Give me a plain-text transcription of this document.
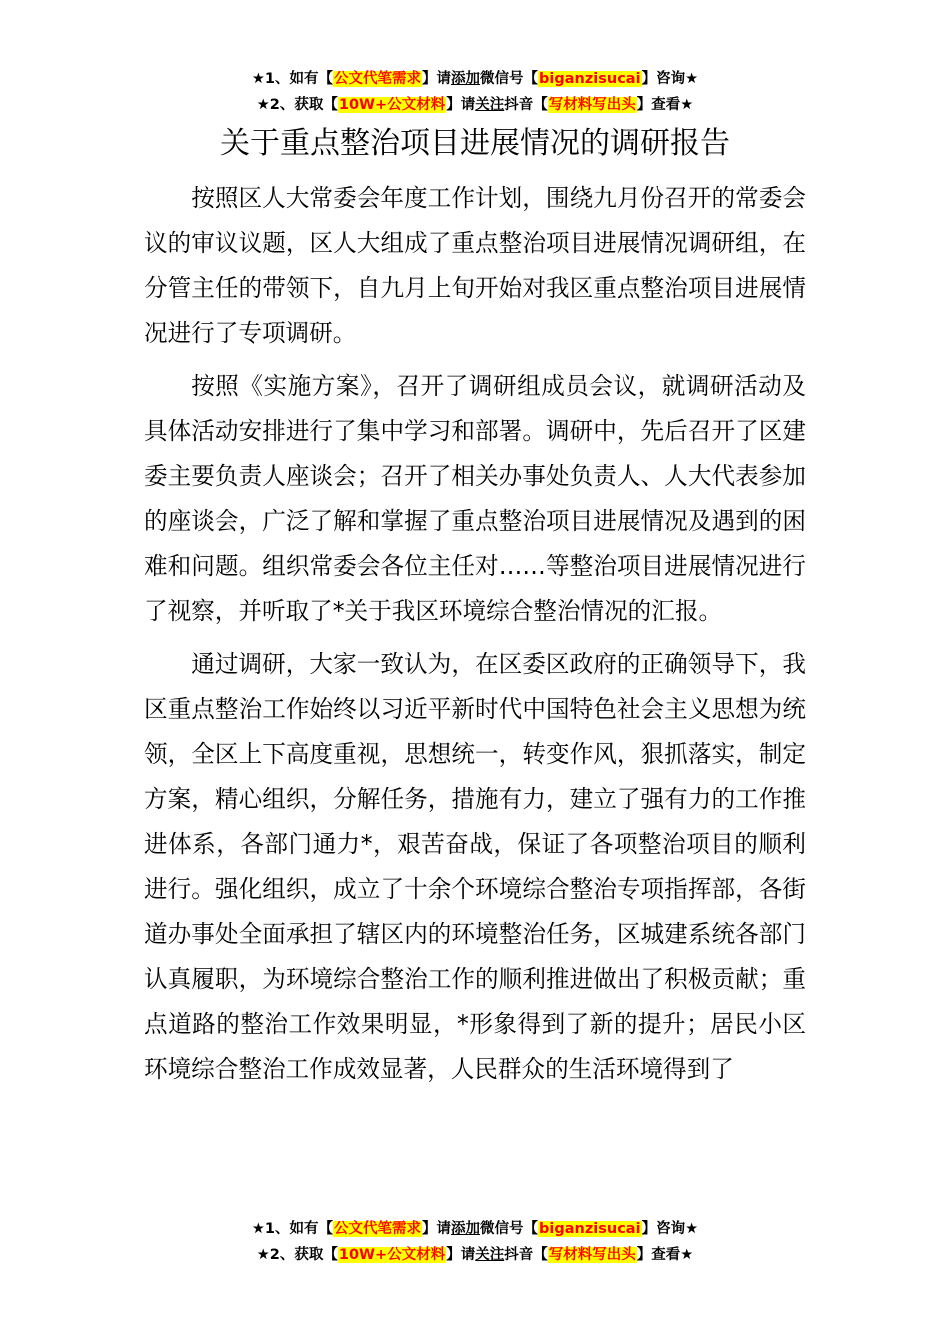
★1、如有【公文代笔需求】请添加微信号【biganzisucai】咨询★
★2、获取【10W+公文材料】请关注抖音【写材料写出头】查看★
关于重点整治项目进展情况的调研报告

按照区人大常委会年度工作计划，围绕九月份召开的常委会议的审议议题，区人大组成了重点整治项目进展情况调研组，在分管主任的带领下，自九月上旬开始对我区重点整治项目进展情况进行了专项调研。

按照《实施方案》，召开了调研组成员会议，就调研活动及具体活动安排进行了集中学习和部署。调研中，先后召开了区建委主要负责人座谈会；召开了相关办事处负责人、人大代表参加的座谈会，广泛了解和掌握了重点整治项目进展情况及遇到的困难和问题。组织常委会各位主任对……等整治项目进展情况进行了视察，并听取了*关于我区环境综合整治情况的汇报。

通过调研，大家一致认为，在区委区政府的正确领导下，我区重点整治工作始终以习近平新时代中国特色社会主义思想为统领，全区上下高度重视，思想统一，转变作风，狠抓落实，制定方案，精心组织，分解任务，措施有力，建立了强有力的工作推进体系，各部门通力*，艰苦奋战，保证了各项整治项目的顺利进行。强化组织，成立了十余个环境综合整治专项指挥部，各街道办事处全面承担了辖区内的环境整治任务，区城建系统各部门认真履职，为环境综合整治工作的顺利推进做出了积极贡献；重点道路的整治工作效果明显，*形象得到了新的提升；居民小区环境综合整治工作成效显著，人民群众的生活环境得到了

★1、如有【公文代笔需求】请添加微信号【biganzisucai】咨询★
★2、获取【10W+公文材料】请关注抖音【写材料写出头】查看★
